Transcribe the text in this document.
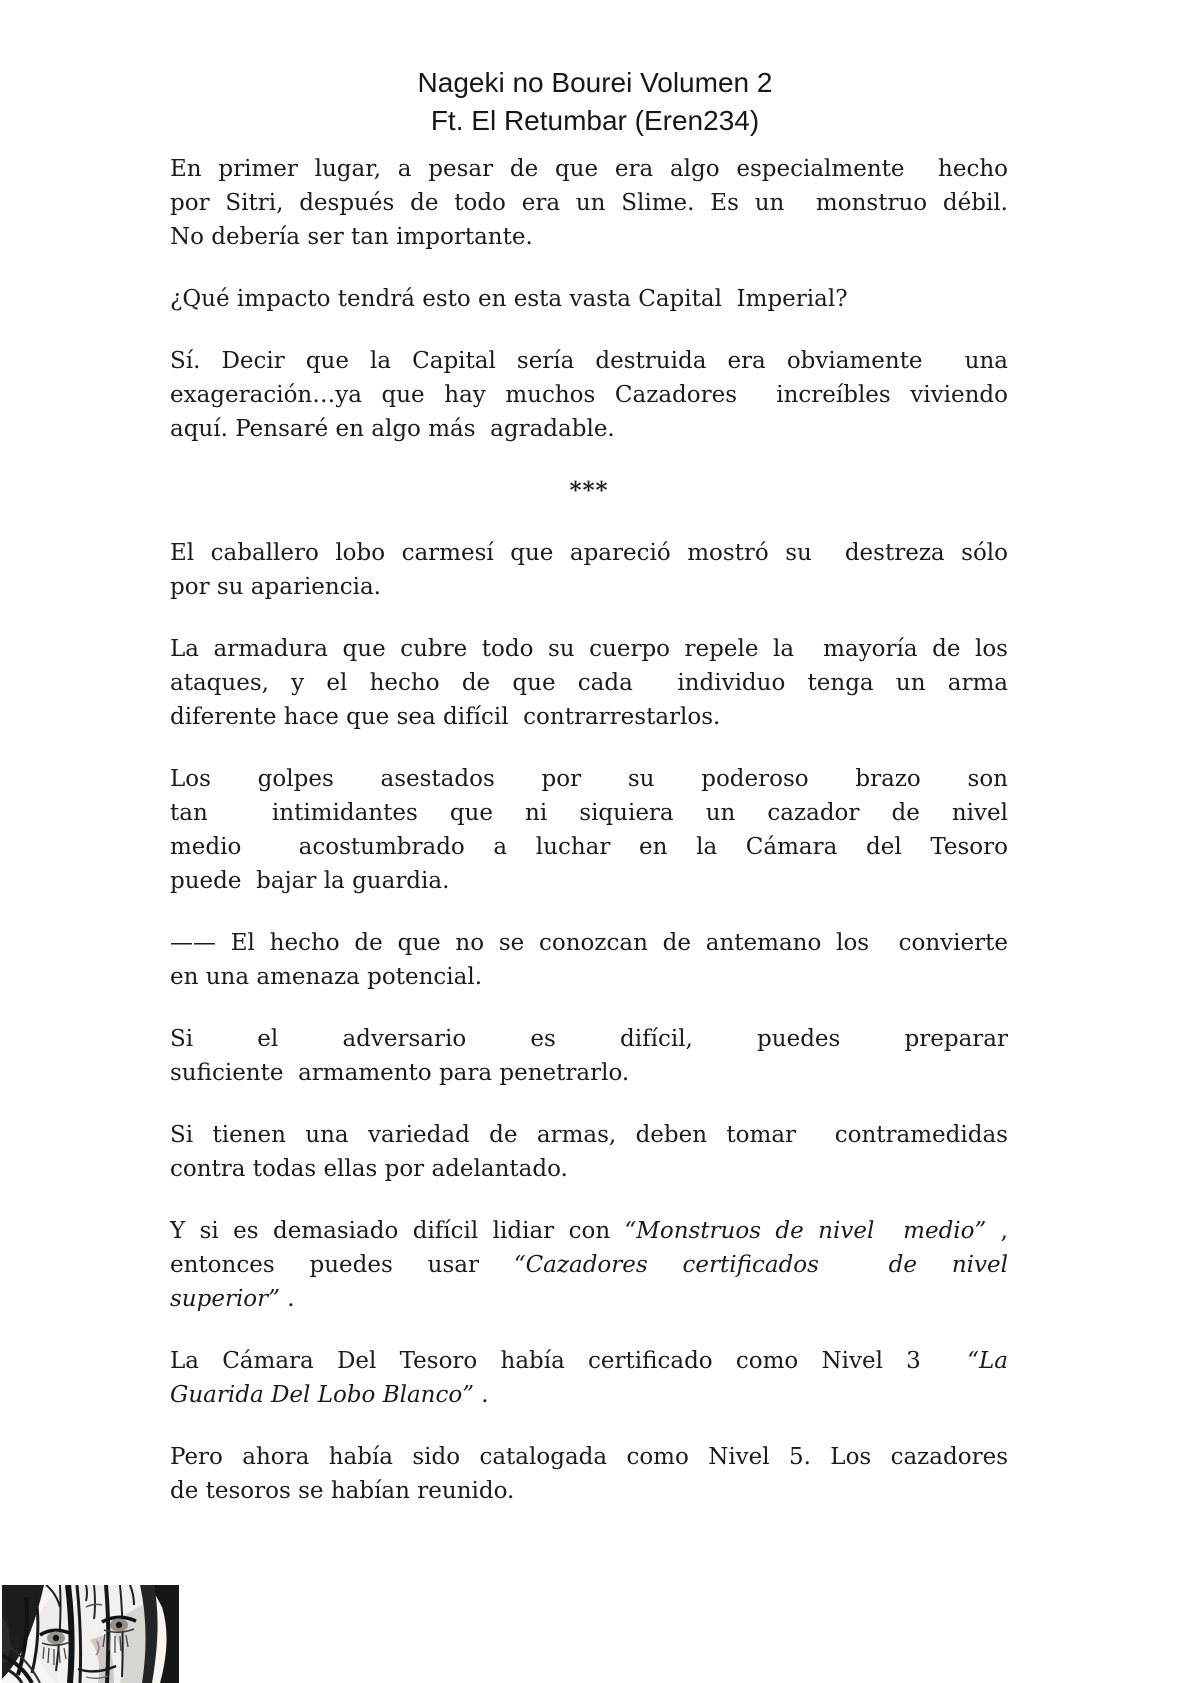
Nageki no Bourei Volumen 2
Ft. El Retumbar (Eren234)
En primer lugar, a pesar de que era algo especialmente  hecho
por Sitri, después de todo era un Slime. Es un  monstruo débil.
No debería ser tan importante.
¿Qué impacto tendrá esto en esta vasta Capital  Imperial?
Sí. Decir que la Capital sería destruida era obviamente  una
exageración…ya que hay muchos Cazadores  increíbles viviendo
aquí. Pensaré en algo más  agradable.
***
El caballero lobo carmesí que apareció mostró su  destreza sólo
por su apariencia.
La armadura que cubre todo su cuerpo repele la  mayoría de los
ataques, y el hecho de que cada  individuo tenga un arma
diferente hace que sea difícil  contrarrestarlos.
Los golpes asestados por su poderoso brazo son
tan  intimidantes que ni siquiera un cazador de nivel
medio  acostumbrado a luchar en la Cámara del Tesoro
puede  bajar la guardia.
—— El hecho de que no se conozcan de antemano los  convierte
en una amenaza potencial.
Si el adversario es difícil, puedes preparar
suficiente  armamento para penetrarlo.
Si tienen una variedad de armas, deben tomar  contramedidas
contra todas ellas por adelantado.
Y si es demasiado difícil lidiar con “Monstruos de nivel  medio” ,
entonces puedes usar “Cazadores certificados  de nivel
superior” .
La Cámara Del Tesoro había certificado como Nivel 3  “La
Guarida Del Lobo Blanco” .
Pero ahora había sido catalogada como Nivel 5. Los cazadores
de tesoros se habían reunido.
